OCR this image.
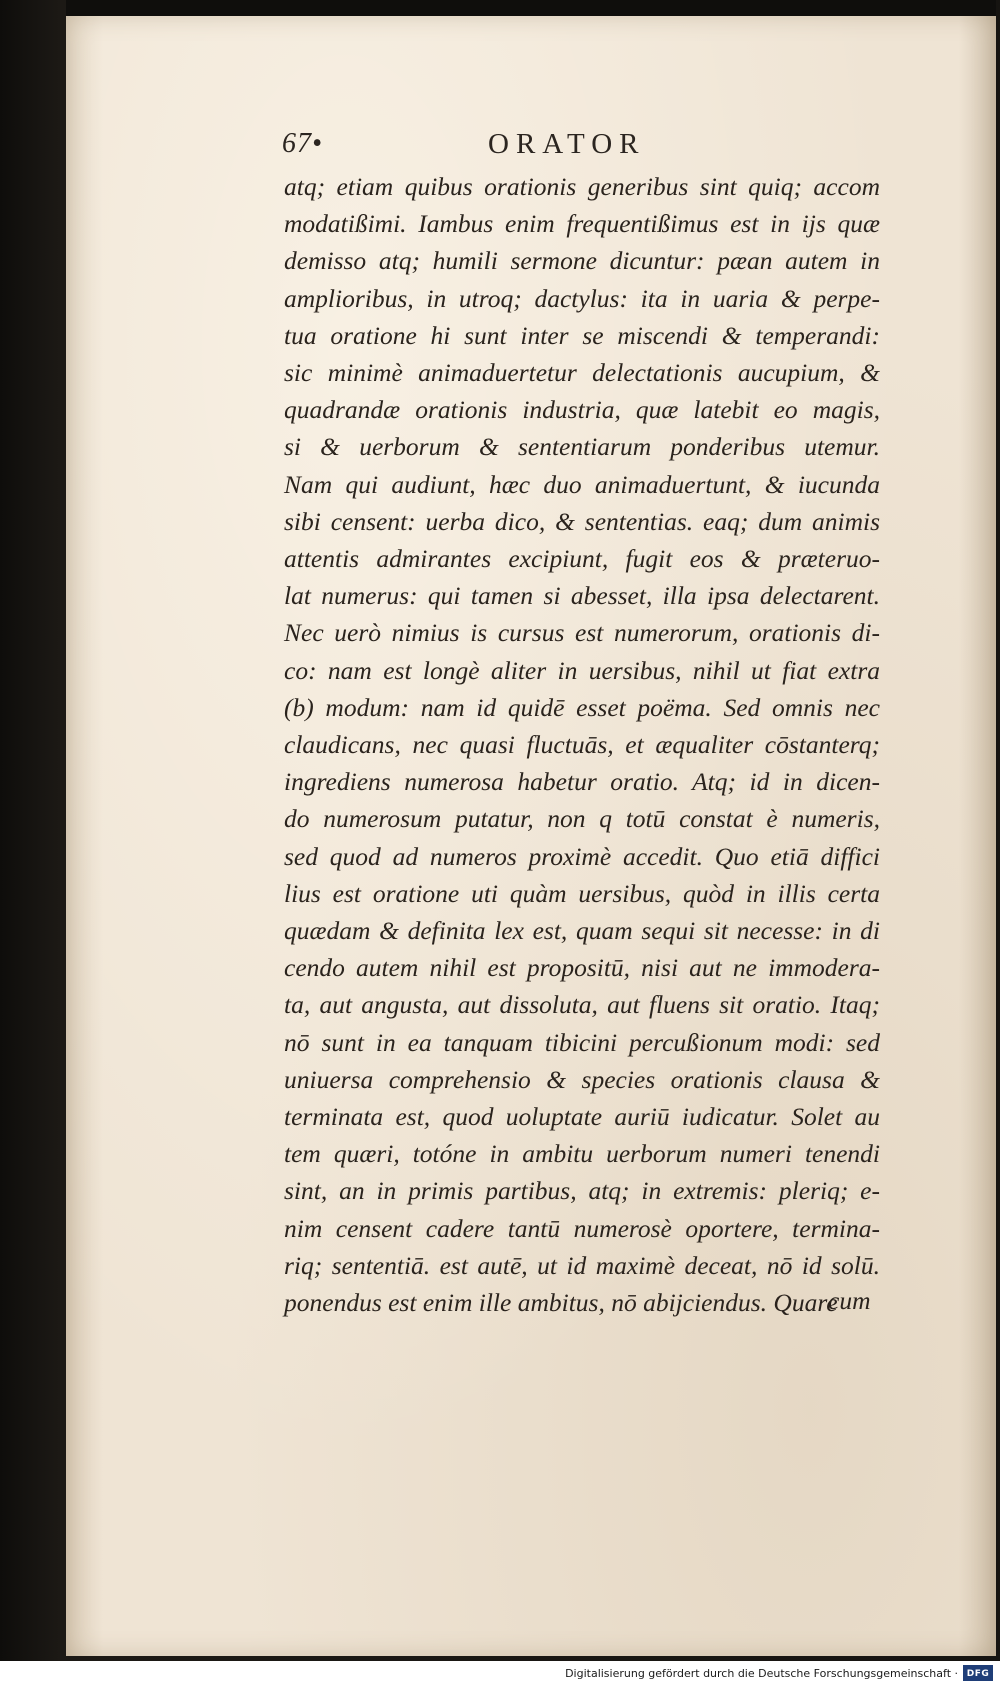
67•	ORATOR
atq; etiam quibus orationis generibus sint quiq; accom
modatißimi. Iambus enim frequentißimus est in ijs quæ
demisso atq; humili sermone dicuntur: pæan autem in
amplioribus, in utroq; dactylus: ita in uaria & perpe-
tua oratione hi sunt inter se miscendi & temperandi:
sic minimè animaduertetur delectationis aucupium, &
quadrandæ orationis industria, quæ latebit eo magis,
si & uerborum & sententiarum ponderibus utemur.
Nam qui audiunt, hæc duo animaduertunt, & iucunda
sibi censent: uerba dico, & sententias. eaq; dum animis
attentis admirantes excipiunt, fugit eos & præteruo-
lat numerus: qui tamen si abesset, illa ipsa delectarent.
Nec uerò nimius is cursus est numerorum, orationis di-
co: nam est longè aliter in uersibus, nihil ut fiat extra
(b) modum: nam id quidē esset poëma. Sed omnis nec
claudicans, nec quasi fluctuās, et æqualiter cōstanterq;
ingrediens numerosa habetur oratio. Atq; id in dicen-
do numerosum putatur, non q totū constat è numeris,
sed quod ad numeros proximè accedit. Quo etiā diffici
lius est oratione uti quàm uersibus, quòd in illis certa
quædam & definita lex est, quam sequi sit necesse: in di
cendo autem nihil est propositū, nisi aut ne immodera-
ta, aut angusta, aut dissoluta, aut fluens sit oratio. Itaq;
nō sunt in ea tanquam tibicini percußionum modi: sed
uniuersa comprehensio & species orationis clausa &
terminata est, quod uoluptate auriū iudicatur. Solet au
tem quæri, totóne in ambitu uerborum numeri tenendi
sint, an in primis partibus, atq; in extremis: pleriq; e-
nim censent cadere tantū numerosè oportere, termina-
riq; sententiā. est autē, ut id maximè deceat, nō id solū.
ponendus est enim ille ambitus, nō abijciendus. Quare
cum
Digitalisierung gefördert durch die Deutsche Forschungsgemeinschaft · DFG
